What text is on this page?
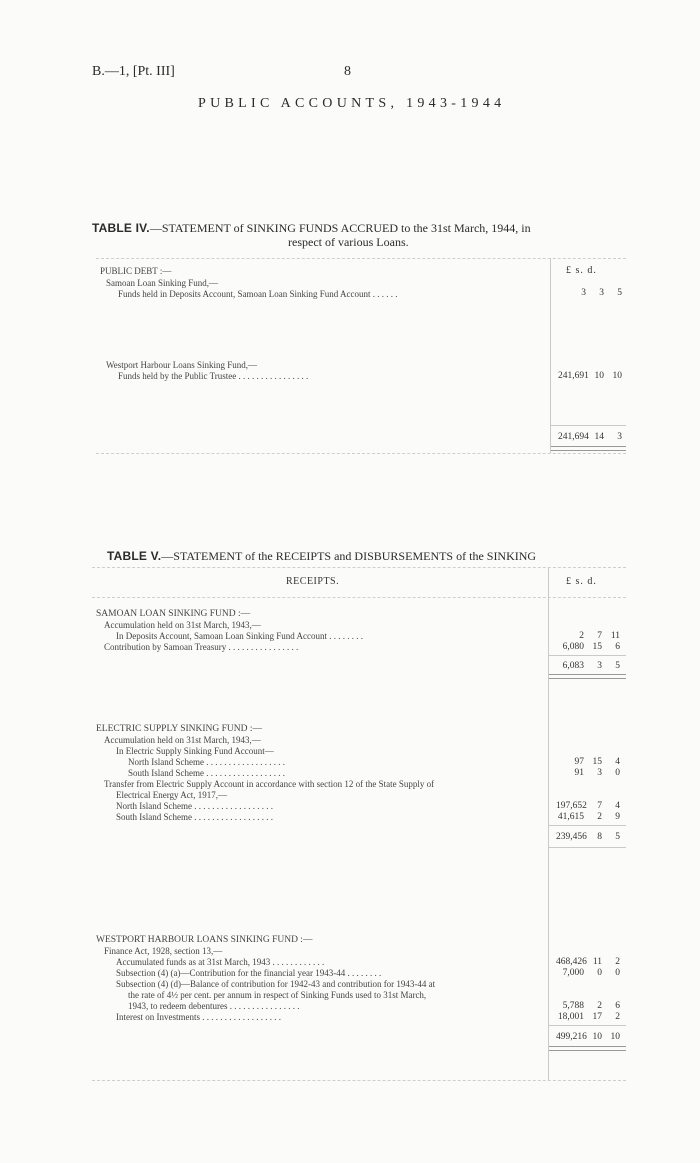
B.—1, [Pt. III]	8
PUBLIC ACCOUNTS, 1943-1944
TABLE IV.—STATEMENT of SINKING FUNDS ACCRUED to the 31st March, 1944, in
respect of various Loans.
£ s. d.
PUBLIC DEBT :—
Samoan Loan Sinking Fund,—
Funds held in Deposits Account, Samoan Loan Sinking Fund Account . . . . . .	3 3 5
Westport Harbour Loans Sinking Fund,—
Funds held by the Public Trustee . . . . . . . . . . . . . . . .	241,691 10 10
241,694 14 3
TABLE V.—STATEMENT of the RECEIPTS and DISBURSEMENTS of the SINKING
RECEIPTS.	£ s. d.
SAMOAN LOAN SINKING FUND :—
Accumulation held on 31st March, 1943,—
In Deposits Account, Samoan Loan Sinking Fund Account . . . . . . . .	2 7 11
Contribution by Samoan Treasury . . . . . . . . . . . . . . . .	6,080 15 6
6,083 3 5
ELECTRIC SUPPLY SINKING FUND :—
Accumulation held on 31st March, 1943,—
In Electric Supply Sinking Fund Account—
North Island Scheme . . . . . . . . . . . . . . . . . .	97 15 4
South Island Scheme . . . . . . . . . . . . . . . . . .	91 3 0
Transfer from Electric Supply Account in accordance with section 12 of the State Supply of
Electrical Energy Act, 1917,—
North Island Scheme . . . . . . . . . . . . . . . . . .	197,652 7 4
South Island Scheme . . . . . . . . . . . . . . . . . .	41,615 2 9
239,456 8 5
WESTPORT HARBOUR LOANS SINKING FUND :—
Finance Act, 1928, section 13,—
Accumulated funds as at 31st March, 1943 . . . . . . . . . . . .	468,426 11 2
Subsection (4) (a)—Contribution for the financial year 1943-44 . . . . . . . .	7,000 0 0
Subsection (4) (d)—Balance of contribution for 1942-43 and contribution for 1943-44 at
the rate of 4½ per cent. per annum in respect of Sinking Funds used to 31st March,
1943, to redeem debentures . . . . . . . . . . . . . . . .	5,788 2 6
Interest on Investments . . . . . . . . . . . . . . . . . .	18,001 17 2
499,216 10 10
